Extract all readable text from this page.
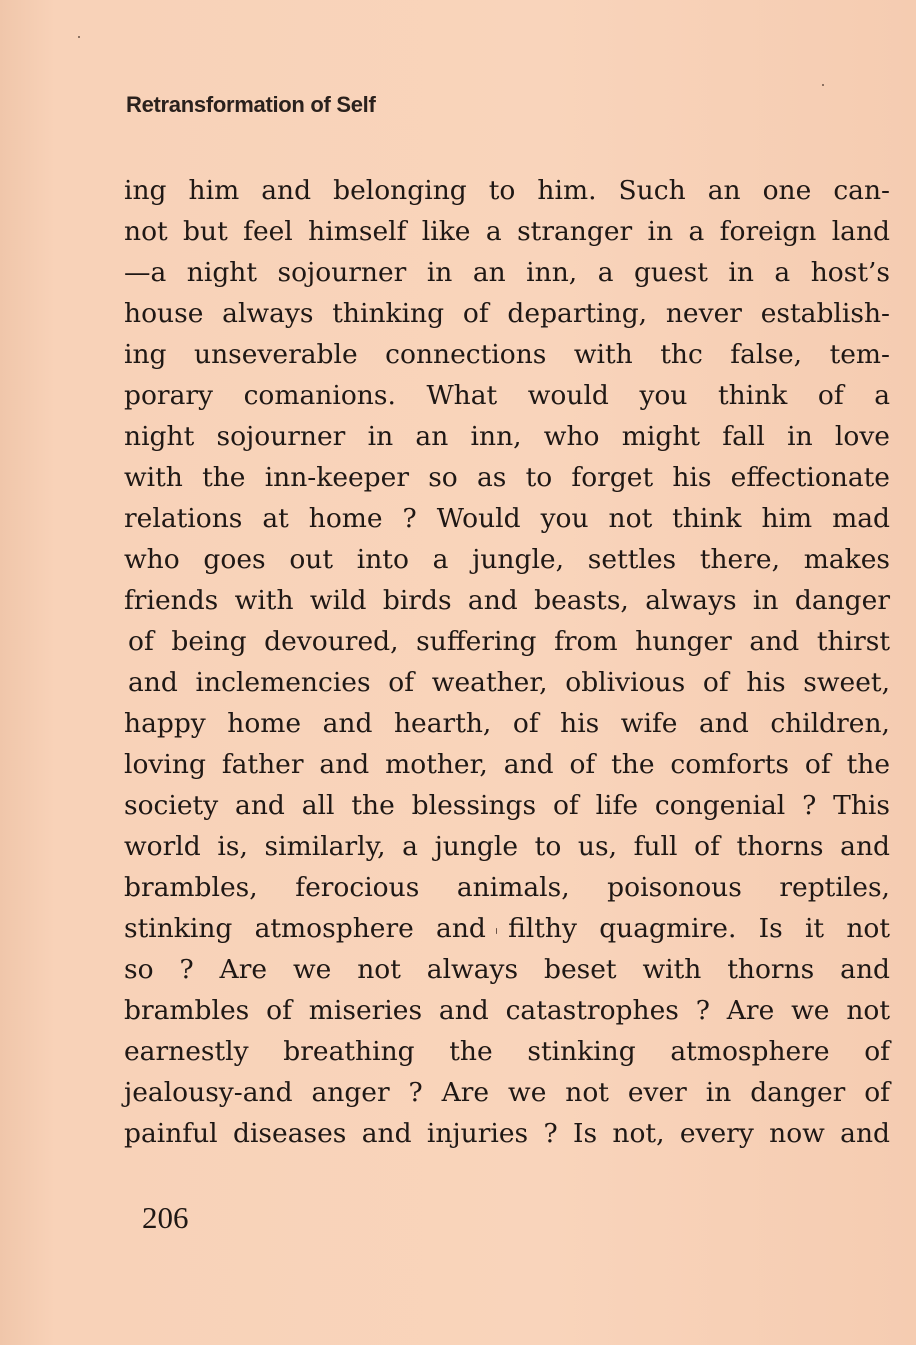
Retransformation of Self
ing him and belonging to him. Such an one can-
not but feel himself like a stranger in a foreign land
—a night sojourner in an inn, a guest in a host’s
house always thinking of departing, never establish-
ing unseverable connections with thc false, tem-
porary comanions. What would you think of a
night sojourner in an inn, who might fall in love
with the inn-keeper so as to forget his effectionate
relations at home ? Would you not think him mad
who goes out into a jungle, settles there, makes
friends with wild birds and beasts, always in danger
of being devoured, suffering from hunger and thirst
and inclemencies of weather, oblivious of his sweet,
happy home and hearth, of his wife and children,
loving father and mother, and of the comforts of the
society and all the blessings of life congenial ? This
world is, similarly, a jungle to us, full of thorns and
brambles, ferocious animals, poisonous reptiles,
stinking atmosphere and filthy quagmire. Is it not
so ? Are we not always beset with thorns and
brambles of miseries and catastrophes ? Are we not
earnestly breathing the stinking atmosphere of
jealousy-and anger ? Are we not ever in danger of
painful diseases and injuries ? Is not, every now and
206
